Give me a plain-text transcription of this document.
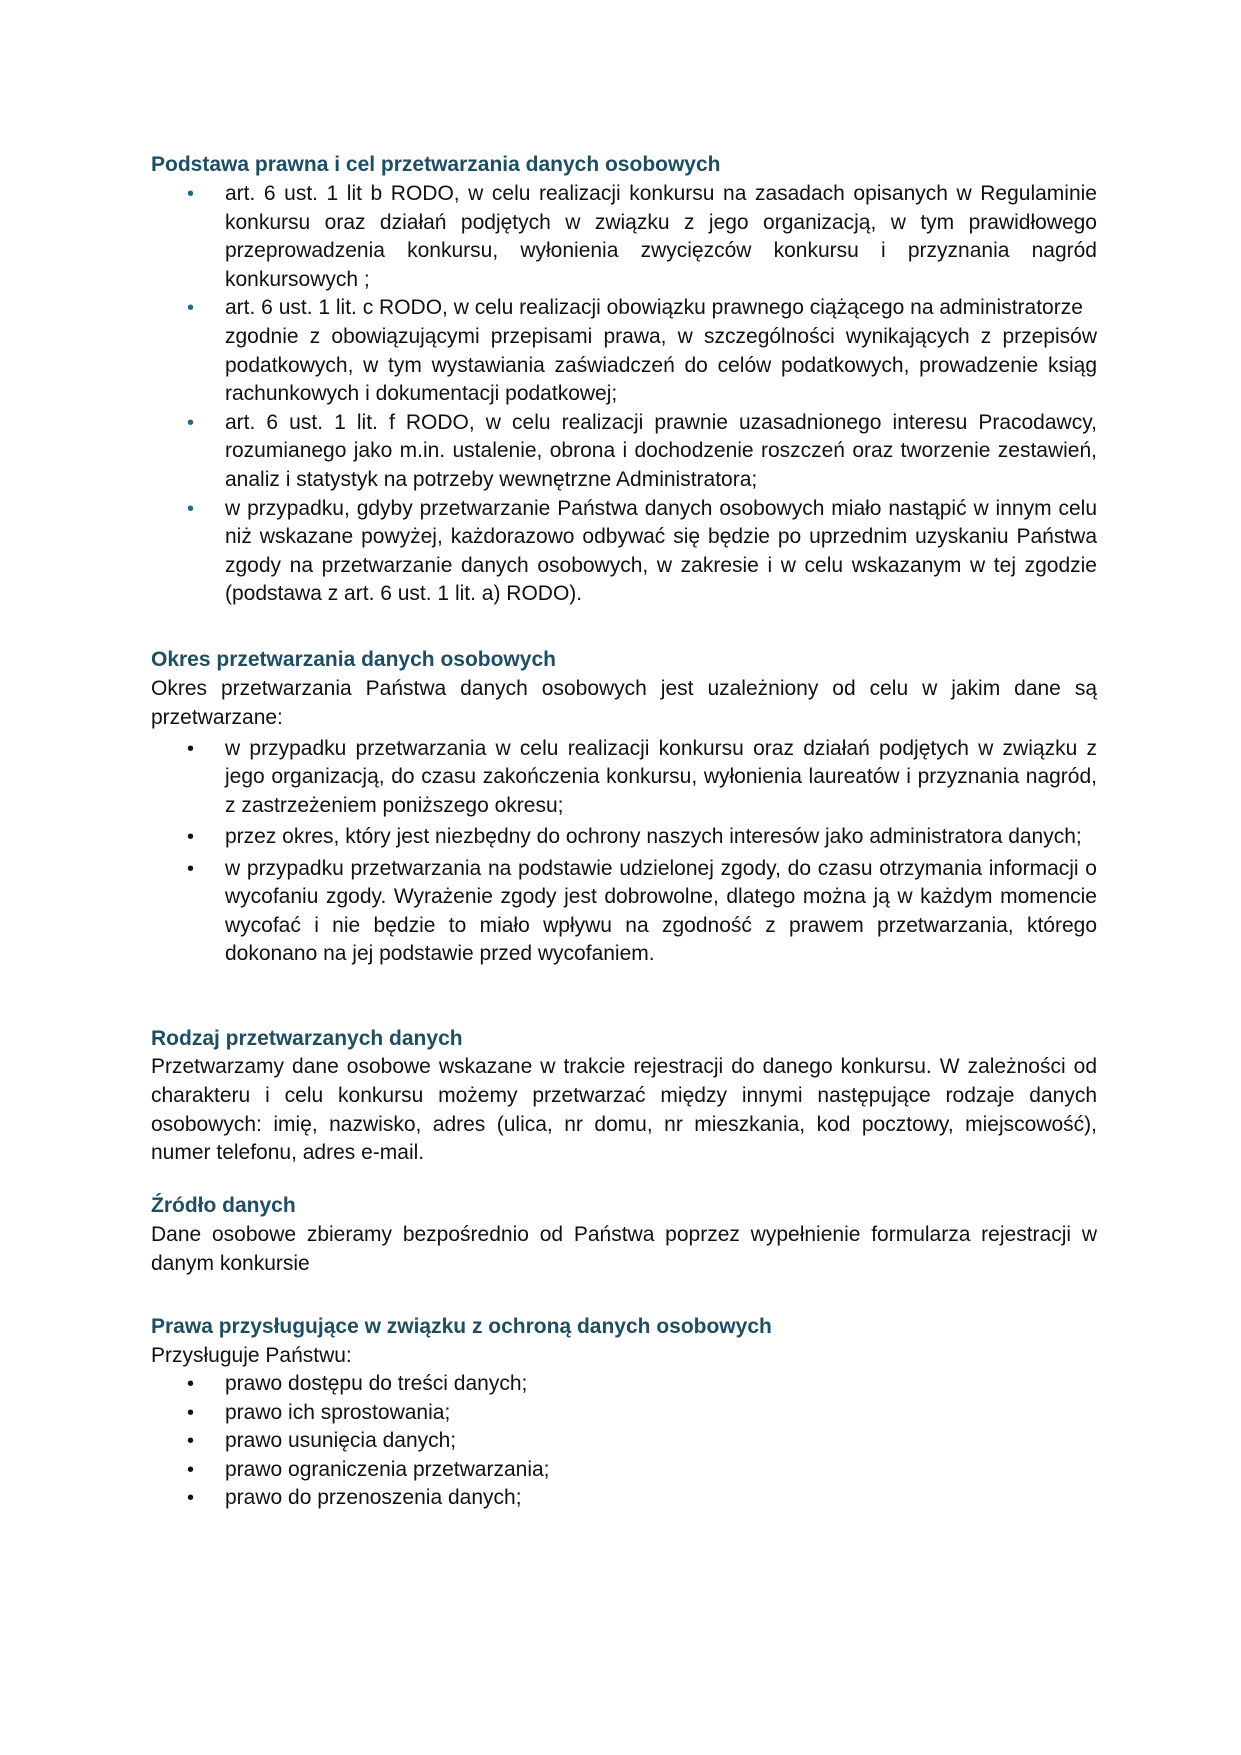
Podstawa prawna i cel przetwarzania danych osobowych
• art. 6 ust. 1 lit b RODO, w celu realizacji konkursu na zasadach opisanych w Regulaminie konkursu oraz działań podjętych w związku z jego organizacją, w tym prawidłowego przeprowadzenia konkursu, wyłonienia zwycięzców konkursu i przyznania nagród konkursowych ;
• art. 6 ust. 1 lit. c RODO, w celu realizacji obowiązku prawnego ciążącego na administratorze
zgodnie z obowiązującymi przepisami prawa, w szczególności wynikających z przepisów podatkowych, w tym wystawiania zaświadczeń do celów podatkowych, prowadzenie ksiąg rachunkowych i dokumentacji podatkowej;
• art. 6 ust. 1 lit. f RODO, w celu realizacji prawnie uzasadnionego interesu Pracodawcy, rozumianego jako m.in. ustalenie, obrona i dochodzenie roszczeń oraz tworzenie zestawień, analiz i statystyk na potrzeby wewnętrzne Administratora;
• w przypadku, gdyby przetwarzanie Państwa danych osobowych miało nastąpić w innym celu niż wskazane powyżej, każdorazowo odbywać się będzie po uprzednim uzyskaniu Państwa zgody na przetwarzanie danych osobowych, w zakresie i w celu wskazanym w tej zgodzie (podstawa z art. 6 ust. 1 lit. a) RODO).
Okres przetwarzania danych osobowych

Okres przetwarzania Państwa danych osobowych jest uzależniony od celu w jakim dane są przetwarzane:

• w przypadku przetwarzania w celu realizacji konkursu oraz działań podjętych w związku z jego organizacją, do czasu zakończenia konkursu, wyłonienia laureatów i przyznania nagród, z zastrzeżeniem poniższego okresu;
• przez okres, który jest niezbędny do ochrony naszych interesów jako administratora danych;
• w przypadku przetwarzania na podstawie udzielonej zgody, do czasu otrzymania informacji o wycofaniu zgody. Wyrażenie zgody jest dobrowolne, dlatego można ją w każdym momencie wycofać i nie będzie to miało wpływu na zgodność z prawem przetwarzania, którego dokonano na jej podstawie przed wycofaniem.
Rodzaj przetwarzanych danych

Przetwarzamy dane osobowe wskazane w trakcie rejestracji do danego konkursu. W zależności od charakteru i celu konkursu możemy przetwarzać między innymi następujące rodzaje danych osobowych: imię, nazwisko, adres (ulica, nr domu, nr mieszkania, kod pocztowy, miejscowość), numer telefonu, adres e-mail.

Źródło danych

Dane osobowe zbieramy bezpośrednio od Państwa poprzez wypełnienie formularza rejestracji w danym konkursie

Prawa przysługujące w związku z ochroną danych osobowych

Przysługuje Państwu:

• prawo dostępu do treści danych;
• prawo ich sprostowania;
• prawo usunięcia danych;
• prawo ograniczenia przetwarzania;
• prawo do przenoszenia danych;
